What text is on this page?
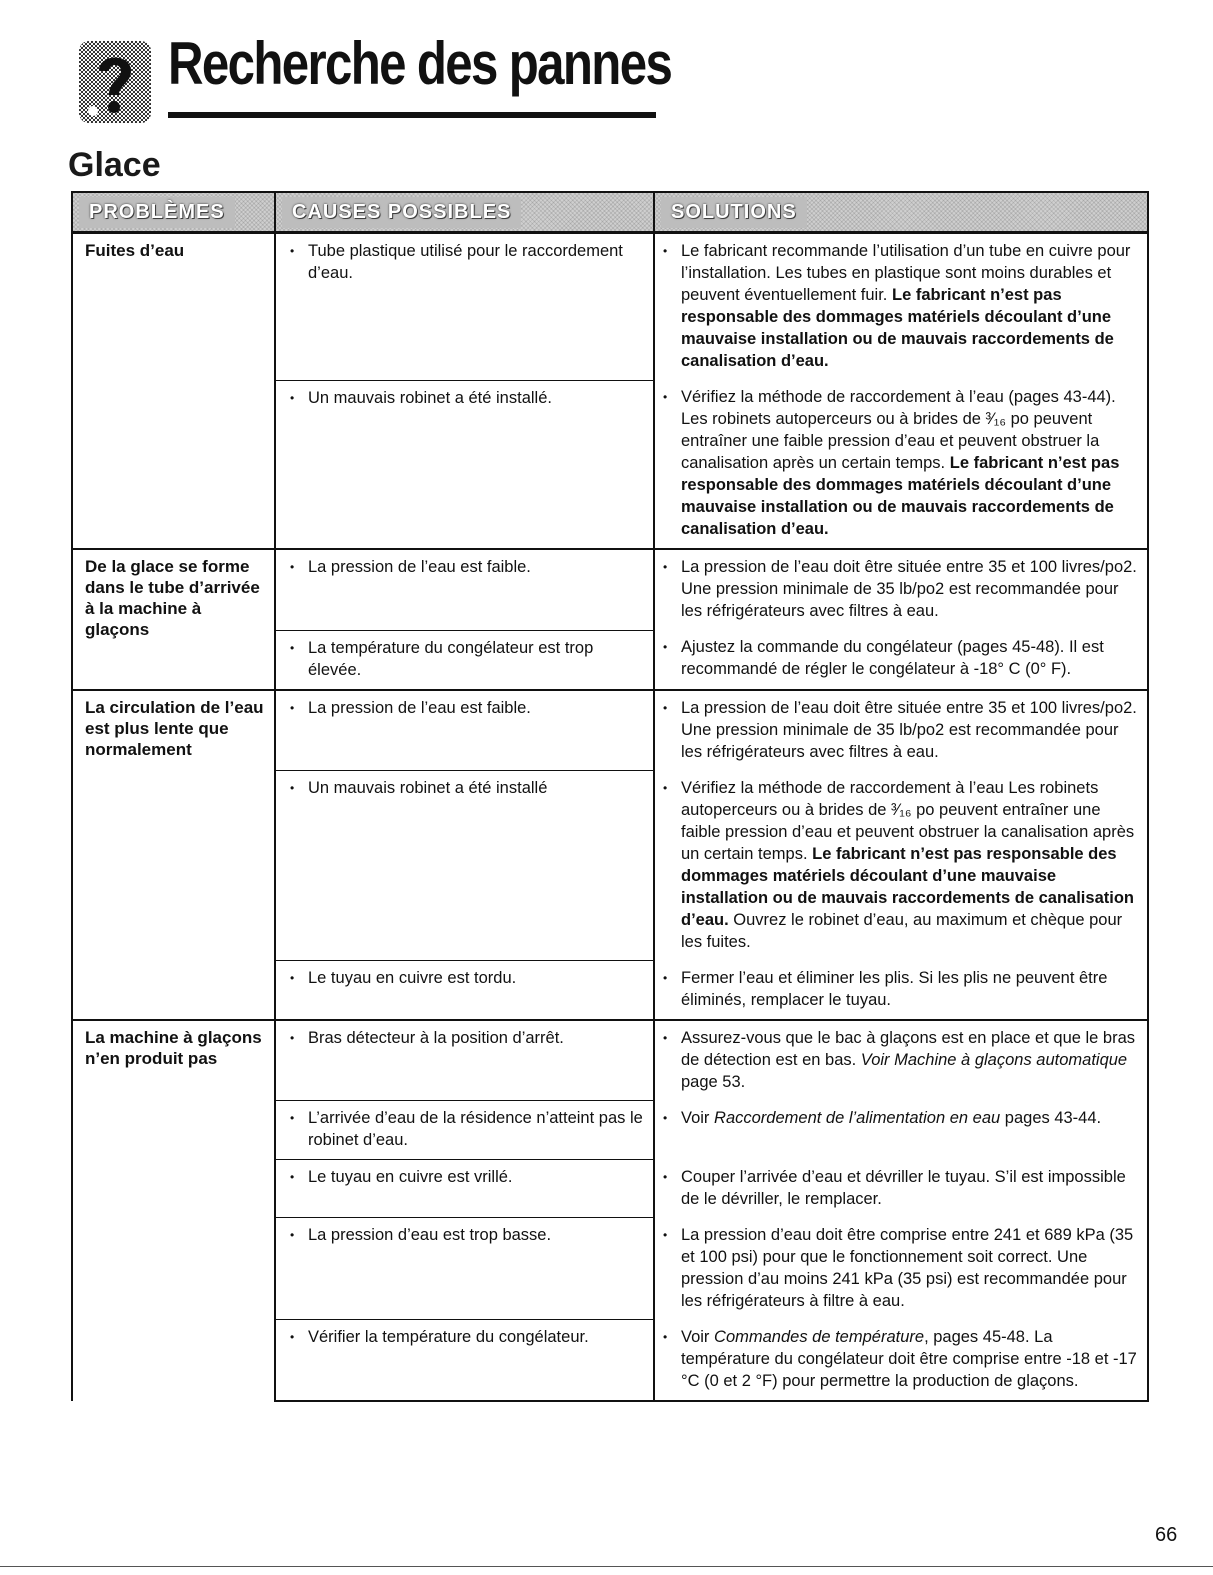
Recherche des pannes
Glace
PROBLÈMES	CAUSES POSSIBLES	SOLUTIONS
Fuites d’eau	• Tube plastique utilisé pour le raccordement d’eau.	• Le fabricant recommande l’utilisation d’un tube en cuivre pour l’installation. Les tubes en plastique sont moins durables et peuvent éventuellement fuir. Le fabricant n’est pas responsable des dommages matériels découlant d’une mauvaise installation ou de mauvais raccordements de canalisation d’eau.

	• Un mauvais robinet a été installé.	• Vérifiez la méthode de raccordement à l’eau (pages 43-44). Les robinets autoperceurs ou à brides de ³⁄₁₆ po peuvent entraîner une faible pression d’eau et peuvent obstruer la canalisation après un certain temps. Le fabricant n’est pas responsable des dommages matériels découlant d’une mauvaise installation ou de mauvais raccordements de canalisation d’eau.

De la glace se forme dans le tube d’arrivée à la machine à glaçons	• La pression de l’eau est faible.	• La pression de l’eau doit être située entre 35 et 100 livres/po2. Une pression minimale de 35 lb/po2 est recommandée pour les réfrigérateurs avec filtres à eau.

	• La température du congélateur est trop élevée.	• Ajustez la commande du congélateur (pages 45-48). Il est recommandé de régler le congélateur à -18° C (0° F).

La circulation de l’eau est plus lente que normalement	• La pression de l’eau est faible.	• La pression de l’eau doit être située entre 35 et 100 livres/po2. Une pression minimale de 35 lb/po2 est recommandée pour les réfrigérateurs avec filtres à eau.

	• Un mauvais robinet a été installé	• Vérifiez la méthode de raccordement à l’eau Les robinets autoperceurs ou à brides de ³⁄₁₆ po peuvent entraîner une faible pression d’eau et peuvent obstruer la canalisation après un certain temps. Le fabricant n’est pas responsable des dommages matériels découlant d’une mauvaise installation ou de mauvais raccordements de canalisation d’eau. Ouvrez le robinet d’eau, au maximum et chèque pour les fuites.

	• Le tuyau en cuivre est tordu.	• Fermer l’eau et éliminer les plis. Si les plis ne peuvent être éliminés, remplacer le tuyau.

La machine à glaçons n’en produit pas	• Bras détecteur à la position d’arrêt.	• Assurez-vous que le bac à glaçons est en place et que le bras de détection est en bas. Voir Machine à glaçons automatique page 53.

	• L’arrivée d’eau de la résidence n’atteint pas le robinet d’eau.	• Voir Raccordement de l’alimentation en eau pages 43-44.

	• Le tuyau en cuivre est vrillé.	• Couper l’arrivée d’eau et dévriller le tuyau. S’il est impossible de le dévriller, le remplacer.

	• La pression d’eau est trop basse.	• La pression d’eau doit être comprise entre 241 et 689 kPa (35 et 100 psi) pour que le fonctionnement soit correct. Une pression d’au moins 241 kPa (35 psi) est recommandée pour les réfrigérateurs à filtre à eau.

	• Vérifier la température du congélateur.	• Voir Commandes de température, pages 45-48. La température du congélateur doit être comprise entre -18 et -17 °C (0 et 2 °F) pour permettre la production de glaçons.
66
